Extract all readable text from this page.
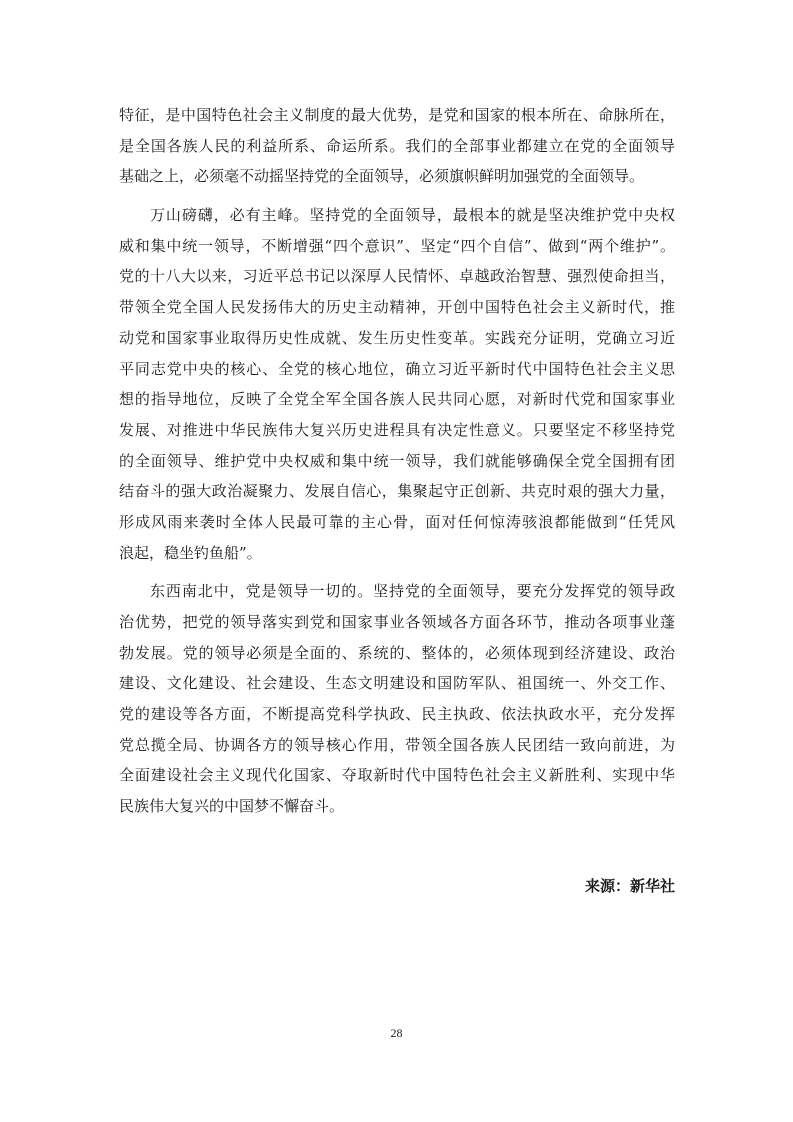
特征，是中国特色社会主义制度的最大优势，是党和国家的根本所在、命脉所在，
是全国各族人民的利益所系、命运所系。我们的全部事业都建立在党的全面领导
基础之上，必须毫不动摇坚持党的全面领导，必须旗帜鲜明加强党的全面领导。
万山磅礴，必有主峰。坚持党的全面领导，最根本的就是坚决维护党中央权
威和集中统一领导，不断增强“四个意识”、坚定“四个自信”、做到“两个维护”。
党的十八大以来，习近平总书记以深厚人民情怀、卓越政治智慧、强烈使命担当，
带领全党全国人民发扬伟大的历史主动精神，开创中国特色社会主义新时代，推
动党和国家事业取得历史性成就、发生历史性变革。实践充分证明，党确立习近
平同志党中央的核心、全党的核心地位，确立习近平新时代中国特色社会主义思
想的指导地位，反映了全党全军全国各族人民共同心愿，对新时代党和国家事业
发展、对推进中华民族伟大复兴历史进程具有决定性意义。只要坚定不移坚持党
的全面领导、维护党中央权威和集中统一领导，我们就能够确保全党全国拥有团
结奋斗的强大政治凝聚力、发展自信心，集聚起守正创新、共克时艰的强大力量，
形成风雨来袭时全体人民最可靠的主心骨，面对任何惊涛骇浪都能做到“任凭风
浪起，稳坐钓鱼船”。
东西南北中，党是领导一切的。坚持党的全面领导，要充分发挥党的领导政
治优势，把党的领导落实到党和国家事业各领域各方面各环节，推动各项事业蓬
勃发展。党的领导必须是全面的、系统的、整体的，必须体现到经济建设、政治
建设、文化建设、社会建设、生态文明建设和国防军队、祖国统一、外交工作、
党的建设等各方面，不断提高党科学执政、民主执政、依法执政水平，充分发挥
党总揽全局、协调各方的领导核心作用，带领全国各族人民团结一致向前进，为
全面建设社会主义现代化国家、夺取新时代中国特色社会主义新胜利、实现中华
民族伟大复兴的中国梦不懈奋斗。
来源：新华社
28
